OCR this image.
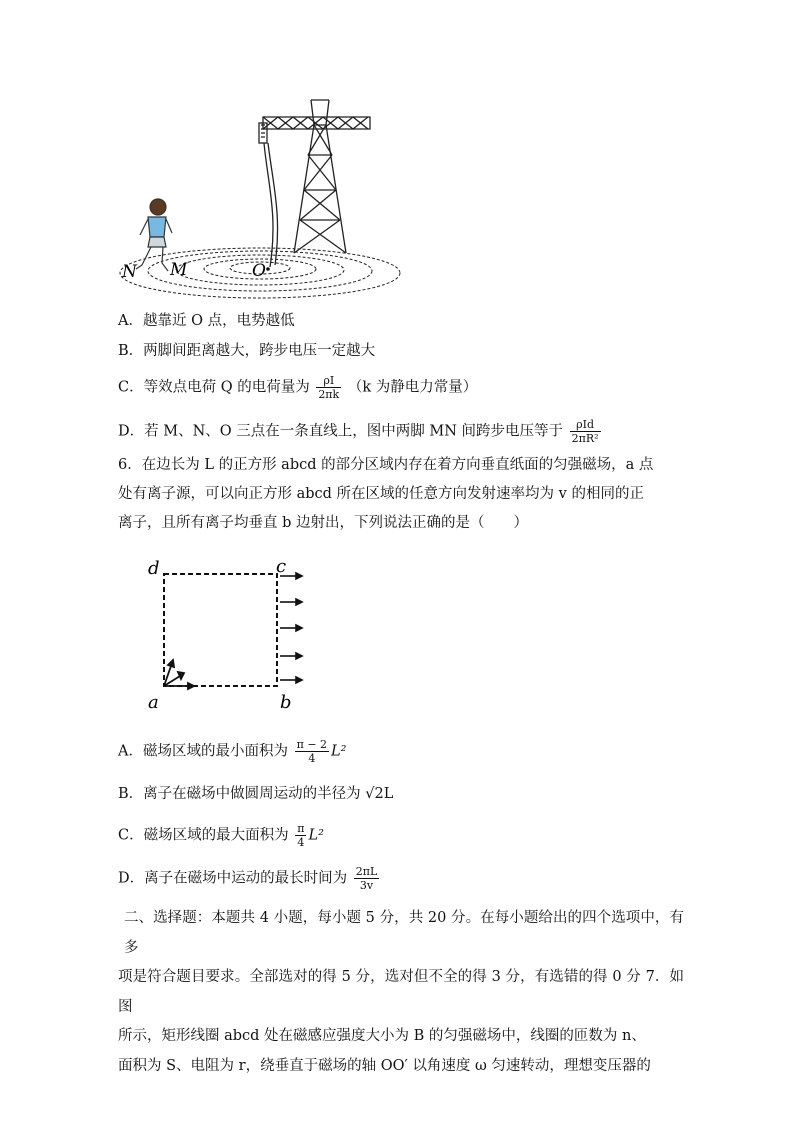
N M	O
A．越靠近 O 点，电势越低
B．两脚间距离越大，跨步电压一定越大
C．等效点电荷 Q 的电荷量为 $\frac{\rho I}{2\pi k} (k$ 为静电力常量）
D．若 M、N、O 三点在一条直线上，图中两脚 MN 间跨步电压等于 $\frac{\text{ρId}}{\text{2πR²}}$
6．在边长为 L 的正方形 abcd 的部分区域内存在着方向垂直纸面的匀强磁场，a 点
处有离子源，可以向正方形 abcd 所在区域的任意方向发射速率均为 v 的相同的正
离子，且所有离子均垂直 b 边射出，下列说法正确的是（　　）
d	c
a	b
A．磁场区域的最小面积为 $\frac{\pi - 2}{4} L^2$
B．离子在磁场中做圆周运动的半径为 √2L
C．磁场区域的最大面积为 $\frac{\pi}{4} L^2$
D．离子在磁场中运动的最长时间为 $\frac{2\pi L}{3v}$
二、选择题：本题共 4 小题，每小题 5 分，共 20 分。在每小题给出的四个选项中，有多
项是符合题目要求。全部选对的得 5 分，选对但不全的得 3 分，有选错的得 0 分 7．如图
所示，矩形线圈 abcd 处在磁感应强度大小为 B 的匀强磁场中，线圈的匝数为 n、
面积为 S、电阻为 r，绕垂直于磁场的轴 OO′ 以角速度 ω 匀速转动，理想变压器的
